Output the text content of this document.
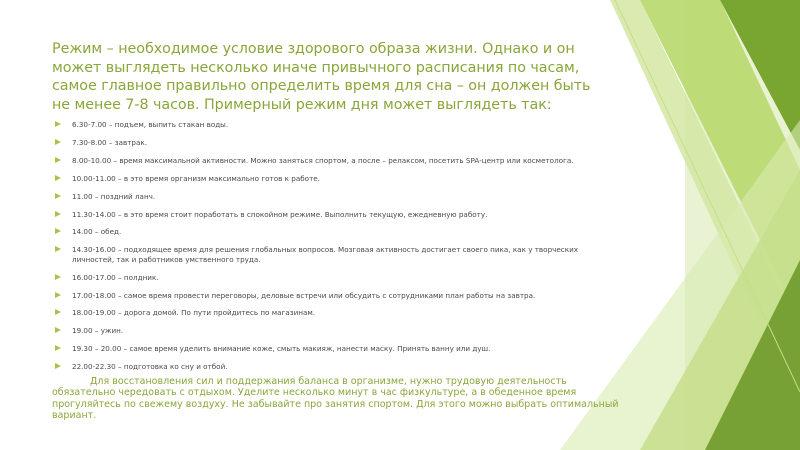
Режим – необходимое условие здорового образа жизни. Однако и он может выглядеть несколько иначе привычного расписания по часам, самое главное правильно определить время для сна – он должен быть не менее 7-8 часов. Примерный режим дня может выглядеть так:
6.30-7.00 – подъем, выпить стакан воды.
7.30-8.00 – завтрак.
8.00-10.00 – время максимальной активности. Можно заняться спортом, а после – релаксом, посетить SPA-центр или косметолога.
10.00-11.00 – в это время организм максимально готов к работе.
11.00 – поздний ланч.
11.30-14.00 – в это время стоит поработать в спокойном режиме. Выполнить текущую, ежедневную работу.
14.00 – обед.
14.30-16.00 – подходящее время для решения глобальных вопросов. Мозговая активность достигает своего пика, как у творческих личностей, так и работников умственного труда.
16.00-17.00 – полдник.
17.00-18.00 – самое время провести переговоры, деловые встречи или обсудить с сотрудниками план работы на завтра.
18.00-19.00 – дорога домой. По пути пройдитесь по магазинам.
19.00 – ужин.
19.30 – 20.00 – самое время уделить внимание коже, смыть макияж, нанести маску. Принять ванну или душ.
22.00-22.30 – подготовка ко сну и отбой.
Для восстановления сил и поддержания баланса в организме, нужно трудовую деятельность обязательно чередовать с отдыхом. Уделите несколько минут в час физкультуре, а в обеденное время прогуляйтесь по свежему воздуху. Не забывайте про занятия спортом. Для этого можно выбрать оптимальный вариант.
